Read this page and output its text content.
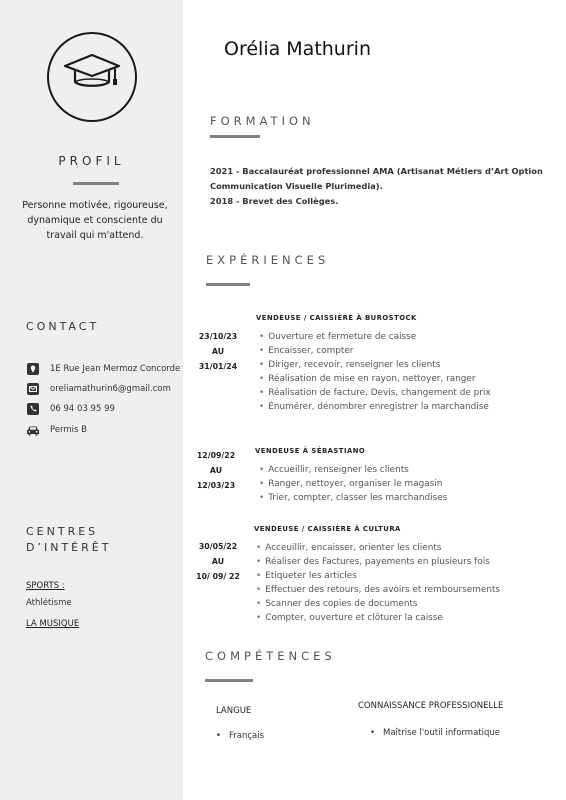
PROFIL
Personne motivée, rigoureuse, dynamique et consciente du travail qui m'attend.
CONTACT
1E Rue Jean Mermoz Concorde
oreliamathurin6@gmail.com
06 94 03 95 99
Permis B
CENTRES
D’INTÉRÊT
SPORTS :
Athlétisme
LA MUSIQUE
Orélia Mathurin
FORMATION
2021 - Baccalauréat professionnel AMA (Artisanat Métiers d’Art Option Communication Visuelle Plurimedia).
2018 - Brevet des Collèges.
EXPÉRIENCES
VENDEUSE / CAISSIÈRE À BUROSTOCK
23/10/23
AU
31/01/24
• Ouverture et fermeture de caisse
• Encaisser, compter
• Diriger, recevoir, renseigner les clients
• Réalisation de mise en rayon, nettoyer, ranger
• Réalisation de facture, Devis, changement de prix
• Énumérer, dénombrer enregistrer la marchandise
VENDEUSE À SÉBASTIANO
12/09/22
AU
12/03/23
• Accueillir, renseigner les clients
• Ranger, nettoyer, organiser le magasin
• Trier, compter, classer les marchandises
VENDEUSE / CAISSIÈRE À CULTURA
30/05/22
AU
10/ 09/ 22
• Acceuillir, encaisser, orienter les clients
• Réaliser des Factures, payements en plusieurs fois
• Etiqueter les articles
• Effectuer des retours, des avoirs et remboursements
• Scanner des copies de documents
• Compter, ouverture et clôturer la caisse
COMPÉTENCES
LANGUE
• Français
CONNAISSANCE PROFESSIONELLE
• Maîtrise l'outil informatique
